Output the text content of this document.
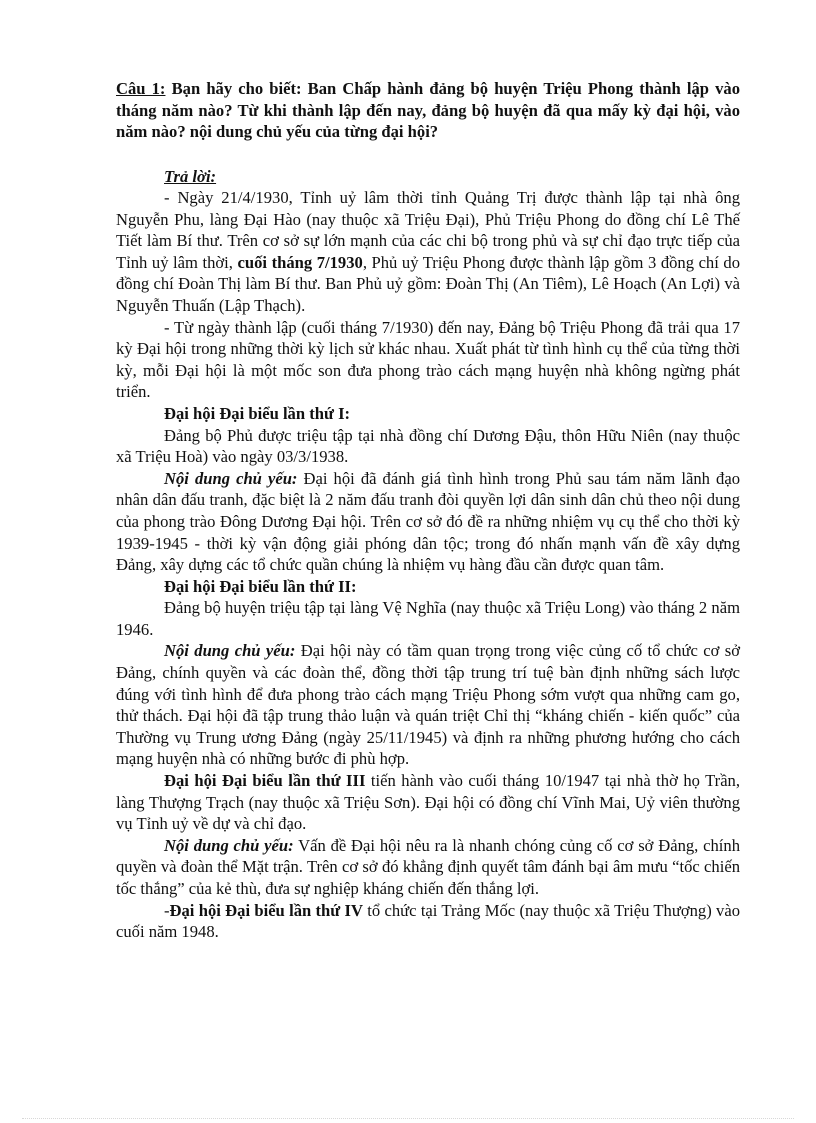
Câu 1: Bạn hãy cho biết: Ban Chấp hành đảng bộ huyện Triệu Phong thành lập vào tháng năm nào? Từ khi thành lập đến nay, đảng bộ huyện đã qua mấy kỳ đại hội, vào năm nào? nội dung chủ yếu của từng đại hội?

Trả lời:

- Ngày 21/4/1930, Tỉnh uỷ lâm thời tỉnh Quảng Trị được thành lập tại nhà ông Nguyễn Phu, làng Đại Hào (nay thuộc xã Triệu Đại), Phủ Triệu Phong do đồng chí Lê Thế Tiết làm Bí thư. Trên cơ sở sự lớn mạnh của các chi bộ trong phủ và sự chỉ đạo trực tiếp của Tỉnh uỷ lâm thời, cuối tháng 7/1930, Phủ uỷ Triệu Phong được thành lập gồm 3 đồng chí do đồng chí Đoàn Thị làm Bí thư. Ban Phủ uỷ gồm: Đoàn Thị (An Tiêm), Lê Hoạch (An Lợi) và Nguyễn Thuấn (Lập Thạch).

- Từ ngày thành lập (cuối tháng 7/1930) đến nay, Đảng bộ Triệu Phong đã trải qua 17 kỳ Đại hội trong những thời kỳ lịch sử khác nhau. Xuất phát từ tình hình cụ thể của từng thời kỳ, mỗi Đại hội là một mốc son đưa phong trào cách mạng huyện nhà không ngừng phát triển.

Đại hội Đại biểu lần thứ I:

Đảng bộ Phủ được triệu tập tại nhà đồng chí Dương Đậu, thôn Hữu Niên (nay thuộc xã Triệu Hoà) vào ngày 03/3/1938.

Nội dung chủ yếu: Đại hội đã đánh giá tình hình trong Phủ sau tám năm lãnh đạo nhân dân đấu tranh, đặc biệt là 2 năm đấu tranh đòi quyền lợi dân sinh dân chủ theo nội dung của phong trào Đông Dương Đại hội. Trên cơ sở đó đề ra những nhiệm vụ cụ thể cho thời kỳ 1939-1945 - thời kỳ vận động giải phóng dân tộc; trong đó nhấn mạnh vấn đề xây dựng Đảng, xây dựng các tổ chức quần chúng là nhiệm vụ hàng đầu cần được quan tâm.

Đại hội Đại biểu lần thứ II:

Đảng bộ huyện triệu tập tại làng Vệ Nghĩa (nay thuộc xã Triệu Long) vào tháng 2 năm 1946.

Nội dung chủ yếu: Đại hội này có tầm quan trọng trong việc củng cố tổ chức cơ sở Đảng, chính quyền và các đoàn thể, đồng thời tập trung trí tuệ bàn định những sách lược đúng với tình hình để đưa phong trào cách mạng Triệu Phong sớm vượt qua những cam go, thử thách. Đại hội đã tập trung thảo luận và quán triệt Chỉ thị “kháng chiến - kiến quốc” của Thường vụ Trung ương Đảng (ngày 25/11/1945) và định ra những phương hướng cho cách mạng huyện nhà có những bước đi phù hợp.

Đại hội Đại biểu lần thứ III tiến hành vào cuối tháng 10/1947 tại nhà thờ họ Trần, làng Thượng Trạch (nay thuộc xã Triệu Sơn). Đại hội có đồng chí Vĩnh Mai, Uỷ viên thường vụ Tỉnh uỷ về dự và chỉ đạo.

Nội dung chủ yếu: Vấn đề Đại hội nêu ra là nhanh chóng củng cố cơ sở Đảng, chính quyền và đoàn thể Mặt trận. Trên cơ sở đó khẳng định quyết tâm đánh bại âm mưu “tốc chiến tốc thắng” của kẻ thù, đưa sự nghiệp kháng chiến đến thắng lợi.

-Đại hội Đại biểu lần thứ IV tổ chức tại Trảng Mốc (nay thuộc xã Triệu Thượng) vào cuối năm 1948.
